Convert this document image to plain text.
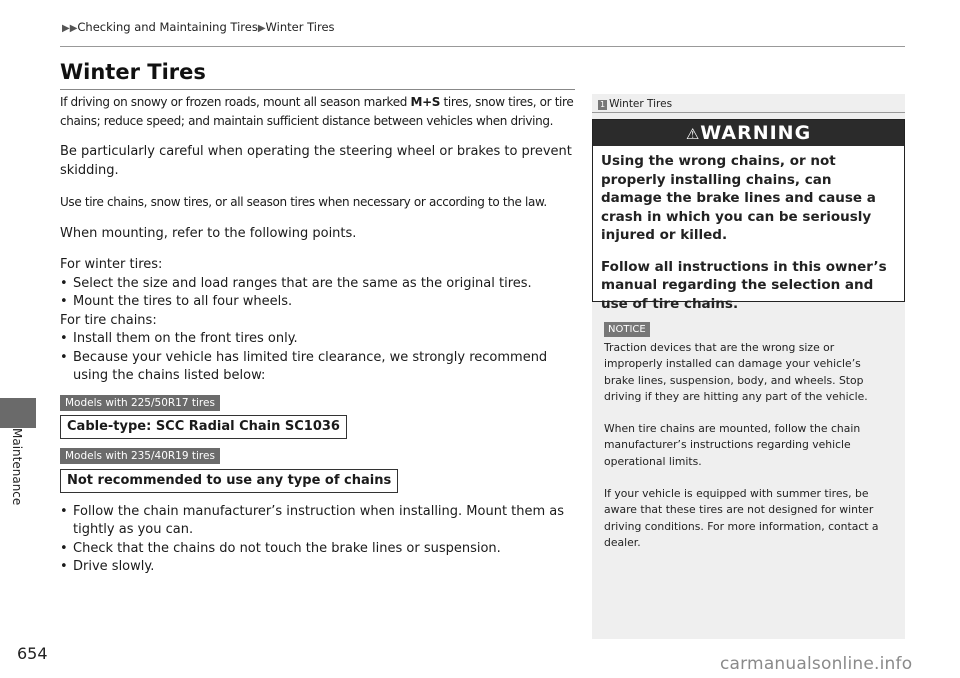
▶▶Checking and Maintaining Tires▶Winter Tires
Maintenance
654
Winter Tires

If driving on snowy or frozen roads, mount all season marked M+S tires, snow tires, or tire chains; reduce speed; and maintain sufficient distance between vehicles when driving.

Be particularly careful when operating the steering wheel or brakes to prevent skidding.

Use tire chains, snow tires, or all season tires when necessary or according to the law.

When mounting, refer to the following points.

For winter tires:

• Select the size and load ranges that are the same as the original tires.
• Mount the tires to all four wheels.

For tire chains:

• Install them on the front tires only.
• Because your vehicle has limited tire clearance, we strongly recommend using the chains listed below:
Models with 225/50R17 tires
Cable-type: SCC Radial Chain SC1036
Models with 235/40R19 tires
Not recommended to use any type of chains
• Follow the chain manufacturer’s instruction when installing. Mount them as tightly as you can.
• Check that the chains do not touch the brake lines or suspension.
• Drive slowly.
1 Winter Tires
⚠WARNING

Using the wrong chains, or not properly installing chains, can damage the brake lines and cause a crash in which you can be seriously injured or killed.

Follow all instructions in this owner’s manual regarding the selection and use of tire chains.

NOTICE

Traction devices that are the wrong size or improperly installed can damage your vehicle’s brake lines, suspension, body, and wheels. Stop driving if they are hitting any part of the vehicle.

When tire chains are mounted, follow the chain manufacturer’s instructions regarding vehicle operational limits.

If your vehicle is equipped with summer tires, be aware that these tires are not designed for winter driving conditions. For more information, contact a dealer.

carmanualsonline.info
